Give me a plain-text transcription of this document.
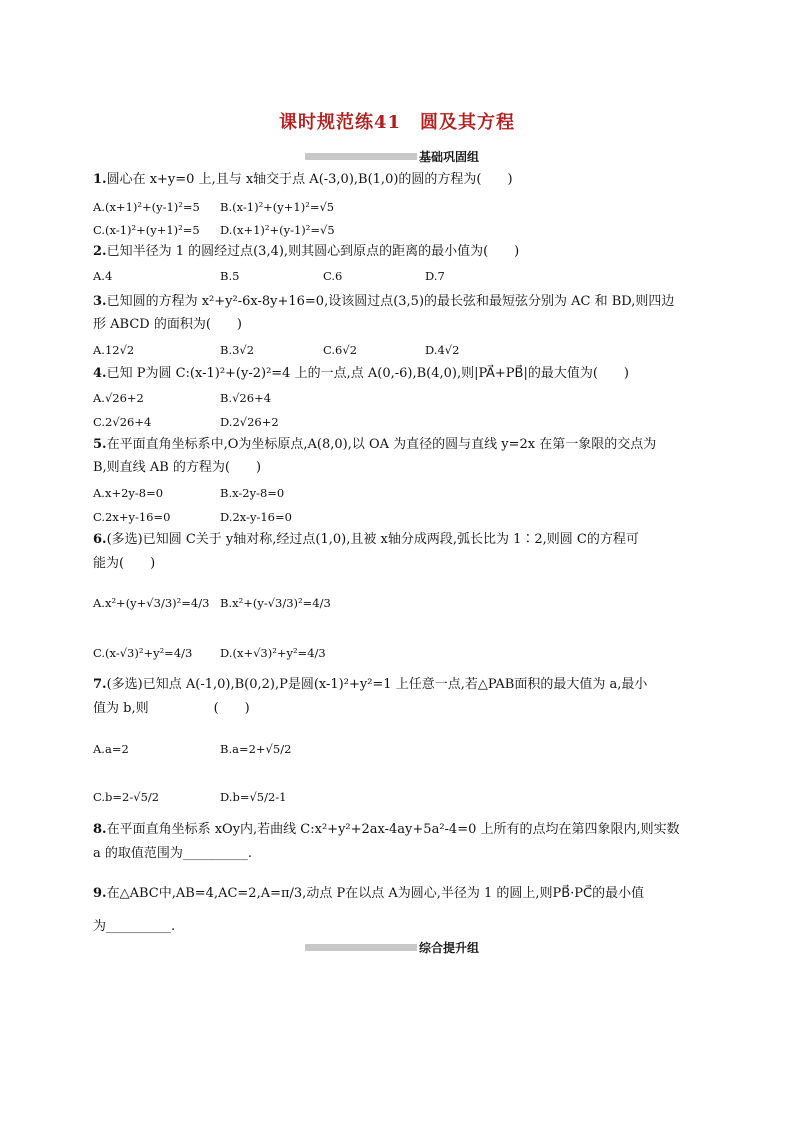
课时规范练41　圆及其方程
基础巩固组
1.圆心在 x+y=0 上,且与 x轴交于点 A(-3,0),B(1,0)的圆的方程为(　　)
A.(x+1)²+(y-1)²=5 B.(x-1)²+(y+1)²=√5
C.(x-1)²+(y+1)²=5 D.(x+1)²+(y-1)²=√5
2.已知半径为 1 的圆经过点(3,4),则其圆心到原点的距离的最小值为(　　)
A.4	B.5	C.6	D.7
3.已知圆的方程为 x²+y²-6x-8y+16=0,设该圆过点(3,5)的最长弦和最短弦分别为 AC 和 BD,则四边
形 ABCD 的面积为(　　)
A.12√2	B.3√2	C.6√2	D.4√2
4.已知 P为圆 C:(x-1)²+(y-2)²=4 上的一点,点 A(0,-6),B(4,0),则|PA⃗+PB⃗|的最大值为(　　)
A.√26+2	B.√26+4
C.2√26+4	D.2√26+2
5.在平面直角坐标系中,O为坐标原点,A(8,0),以 OA 为直径的圆与直线 y=2x 在第一象限的交点为
B,则直线 AB 的方程为(　　)
A.x+2y-8=0	B.x-2y-8=0
C.2x+y-16=0	D.2x-y-16=0
6.(多选)已知圆 C关于 y轴对称,经过点(1,0),且被 x轴分成两段,弧长比为 1∶2,则圆 C的方程可
能为(　　)
A.x²+(y+√3/3)²=4/3 B.x²+(y-√3/3)²=4/3
C.(x-√3)²+y²=4/3 D.(x+√3)²+y²=4/3
7.(多选)已知点 A(-1,0),B(0,2),P是圆(x-1)²+y²=1 上任意一点,若△PAB面积的最大值为 a,最小
值为 b,则　　　　　(　　)
A.a=2	B.a=2+√5/2
C.b=2-√5/2	D.b=√5/2-1
8.在平面直角坐标系 xOy内,若曲线 C:x²+y²+2ax-4ay+5a²-4=0 上所有的点均在第四象限内,则实数
a 的取值范围为__________.
9.在△ABC中,AB=4,AC=2,A=π/3,动点 P在以点 A为圆心,半径为 1 的圆上,则PB⃗·PC⃗的最小值
为__________.
综合提升组
